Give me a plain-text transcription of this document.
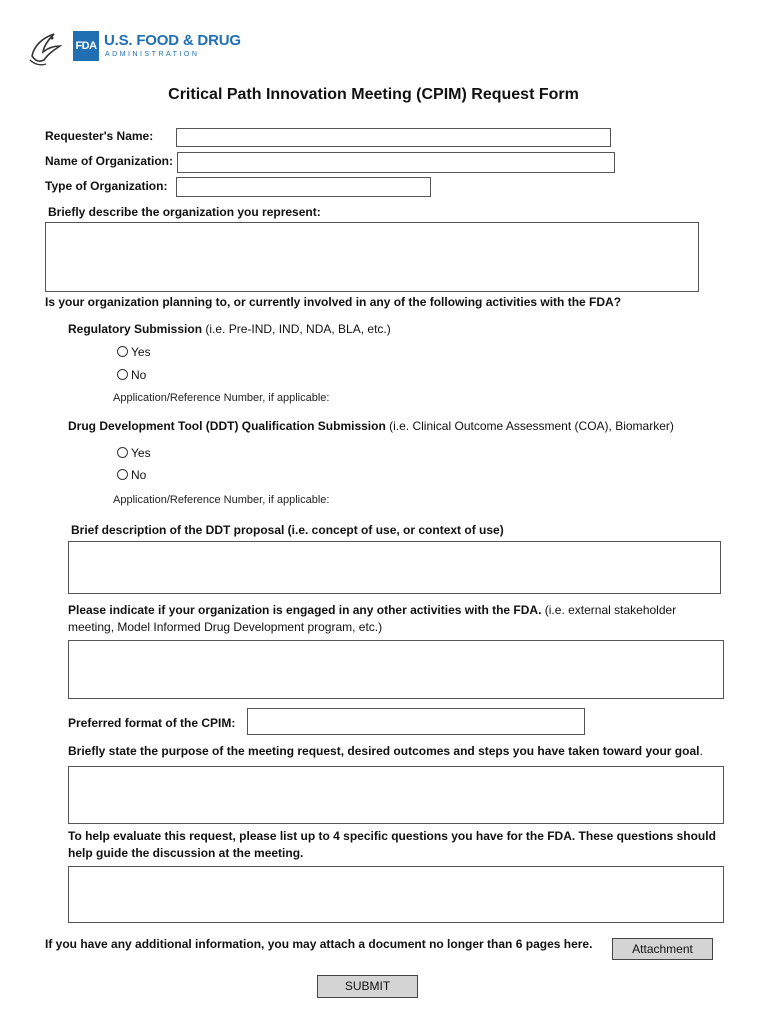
FDA U.S. FOOD & DRUG
ADMINISTRATION
Critical Path Innovation Meeting (CPIM) Request Form
Requester's Name:
Name of Organization:
Type of Organization:
Briefly describe the organization you represent:
Is your organization planning to, or currently involved in any of the following activities with the FDA?
Regulatory Submission (i.e. Pre-IND, IND, NDA, BLA, etc.)
Yes
No
Application/Reference Number, if applicable:
Drug Development Tool (DDT) Qualification Submission (i.e. Clinical Outcome Assessment (COA), Biomarker)
Yes
No
Application/Reference Number, if applicable:
Brief description of the DDT proposal (i.e. concept of use, or context of use)
Please indicate if your organization is engaged in any other activities with the FDA. (i.e. external stakeholder
meeting, Model Informed Drug Development program, etc.)
Preferred format of the CPIM:
Briefly state the purpose of the meeting request, desired outcomes and steps you have taken toward your goal.
To help evaluate this request, please list up to 4 specific questions you have for the FDA. These questions should
help guide the discussion at the meeting.
If you have any additional information, you may attach a document no longer than 6 pages here.	Attachment
SUBMIT
